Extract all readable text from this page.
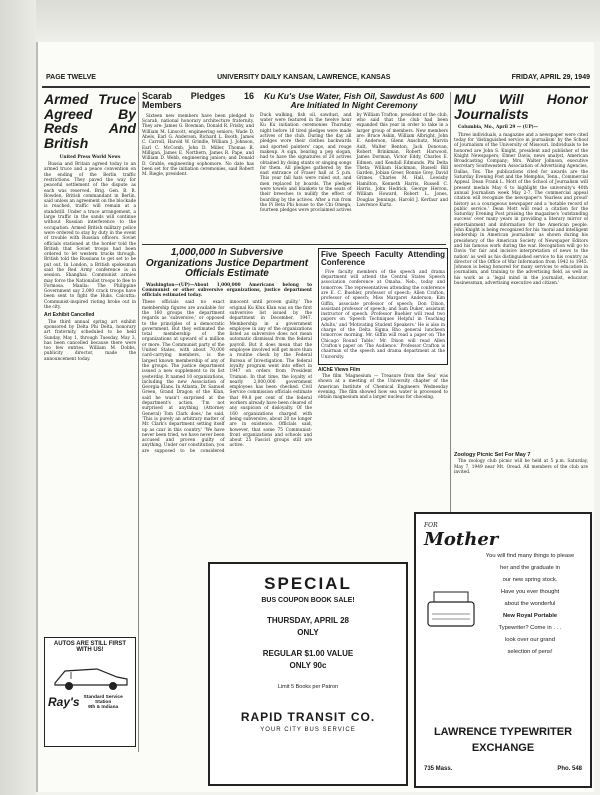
PAGE TWELVE	UNIVERSITY DAILY KANSAN, LAWRENCE, KANSAS	FRIDAY, APRIL 29, 1949
Armed Truce Agreed By Reds And British
United Press World News

Russia and Britain agreed today to an armed truce and a peace convention on the ending of the Berlin traffic restrictions. They paved the way for peaceful settlement of the dispute as each was reserved. Brig. Gen. B. R. Bowden, British commandant in Berlin, said unless an agreement on the blockade is reached, traffic will remain at a standstill. Under a truce arrangement, a large traffic in the sands will continue without Russian interference to the occupation. Armed British military police were ordered to stay by duty in the event of trouble with Russian officers. Soviet officials stationed at the border told the British that Soviet troops had been ordered to let western trucks through. British told the Russians to get set to be put out. In London, a British spokesman said the Red Army conference is in session. Shanghai: Communist armies may force the Nationalist troops to flee to Formosa. Manila: The Philippine Government say 2,000 crack troops have been sent to fight the Huks. Calcutta: Communist-inspired rioting broke out in the city.

Art Exhibit Cancelled

The third annual spring art exhibit sponsored by Delta Phi Delta, honorary art fraternity, scheduled to be held Sunday, May 1, through Tuesday, May 3, has been cancelled because there were too few entries. William M. Dobbs, publicity director, made the announcement today.

AUTOS ARE STILL FIRST
WITH US!
Ray's Standard Service
Station
9th & Indiana
Scarab Pledges 16 Members

Sixteen new members have been pledged to Scarab, national honorary architecture fraternity. They are: James G. Bowman, Donald R. Frisby, and William M. Linscott, engineering seniors; Wade D. Abels, Earl G. Anderson, Richard L. Booth, James C. Carroll, Harold W. Grindle, William J. Johnson, Earl C. McComb, John D. Miller, Thomas R. Milligan, James E. Northern, James R. Pape, and William D. Webb, engineering juniors; and Donald D. Grable, engineering sophomore. No date has been set for the initiation ceremonies, said Robert M. Riegle, president.

Ku Ku's Use Water, Fish Oil, Sawdust As 600 Are Initiated In Night Ceremony
Duck walking, fish oil, sawdust, and water were featured in the twelve hour Ku Ku initiation ceremonies Thursday night before 16 tired pledges were made actives of the club. During the day all pledges wore their clothes backwards and sported painters' caps, and rouge makeup. A sign, bearing a pep slogan, had to have the signatures of 20 actives obtained by doing stunts or singing songs for them. All pledges gathered by the east entrance of Fraser hall at 5 p.m. This year fall hats were ruled out, and men replaced by boards. The pledges were towels and blankets to the seats of their breeches to nullify the effect of boarding by the actives. After a run from the Pi Beta Phi house to the Chi Omega, fourteen pledges were proclaimed actives by William Trafton, president of the club, who said that the club had been expanded this year in order to take in a larger group of members. New members are: Bruce Askin, William Albright, John E. Anderson, Glenn Anschutz, Marvin Ault, Walter Benton, Jack Donovan, Robert Brinkman, Robert Harwood, James Dorman, Victor Eddy, Charles E. Edmen, and Kendall Edmunds. Phi Delta Theta; William Hackman, Russell Bill Garden, Jobian Greer, Bonnie Grey, David Grimes. Charles M. Hall, Lewisby Hamilton, Kenneth Harris, Russell C. Harris, John Hedrick, George Herron, William Howard, Robert L. Jones, Douglas Jennings, Harold J. Kerfaur and Lawrence Kurtz.
1,000,000 In Subversive Organizations Justice Department Officials Estimate

Washington—(UP)—About 1,000,000 Americans belong to Communist or other subversive organizations, justice department officials estimated today.

These officials said no exact membership figures are available for the 160 groups the department regards as 'subversive,' or opposed to the principles of a democratic government. But they estimated the total membership of the organizations at upward of a million or more. The Communist party of the United States, with about 70,000 card-carrying members, is the largest known membership of any of the groups. The justice department issued a new supplement to its list yesterday. It named 10 organizations, including the new Association of Georgia Klans. In Atlanta, Dr. Samuel Green, Grand Dragon of the Klan, said he wasn't surprised at the department's action. 'I'm not surprised at anything (Attorney General) Tom Clark does,' he said. 'This is purely an arbitrary matter of Mr. Clark's department setting itself up as czar in this country.' 'We have never been tried, we have never been accused and proven guilty of anything. Under our constitution, you are supposed to be considered innocent until proven guilty.' The original Ku Klux Klan was on the first subversive list issued by the department in December, 1947. Membership in a government employee in any of the organizations listed as subversive does not mean automatic dismissal from the federal payroll. But it does mean that the employee involved will get more than a routine check by the Federal Bureau of Investigation. The federal loyalty program went into effect in 1947 on orders from President Truman. In that time, the loyalty of nearly 2,000,000 government employees has been checked. Civil Service commission officials estimate that 99.8 per cent of the federal workers already have been cleared of any suspicion of disloyalty. Of the 160 organizations charged with being subversive, about 20 no longer are in existence. Officials said, however, that some 75 Communist-front organizations and schools and about 25 Fascist groups still are active.
Five Speech Faculty Attending Conference

Five faculty members of the speech and drama department will attend the Central States Speech association conference at Omaha, Neb., today and tomorrow. The representatives attending the conference are E. C. Buehler, professor of speech; Allen Crafton, professor of speech; Miss Margaret Anderson; Kim Giffin, associate professor of speech; Don Dixon, assistant professor of speech; and Sam Duker, assistant instructor of speech. Professor Buehler will read two papers on 'Speech Techniques Helpful in Teaching Adults,' and 'Motivating Student Speakers.' He is also in charge of the Delta Sigma Rho general luncheon tomorrow morning. Mr. Giffin will read a paper on 'The Chicago Round Table.' Mr. Dixon will read Allen Crafton's paper on 'The Audience.' Professor Crafton is chairman of the speech and drama department at the University.

AIChE Views Film

The film 'Magnesium — Treasure from the Sea' was shown at a meeting of the University chapter of the American Institute of Chemical Engineers Wednesday evening. The film showed how sea water is processed to obtain magnesium and a larger nucleus for choosing.

SPECIAL
BUS COUPON BOOK SALE!
THURSDAY, APRIL 28
ONLY
REGULAR $1.00 VALUE
ONLY 90c
Limit 5 Books per Patron
RAPID TRANSIT CO.
YOUR CITY BUS SERVICE
MU Will Honor Journalists

Columbia, Mo., April 29 — (UP)—

Three individuals, a magazine and a newspaper were cited today for 'distinguished service in journalism' by the School of Journalism of the University of Missouri. Individuals to be honored are John S. Knight, president and publisher of the Knight Newspapers; Elmer Davis, news analyst, American Broadcasting Company; Mrs. Walter Johnson, executive secretary Southwestern Association of Advertising Agencies, Dallas, Tex. The publications cited for awards are the Saturday Evening Post and the Memphis, Tenn., Commercial Appeal. Dean Frank L. Mott of the School of Journalism will present medals May 6 to highlight the university's 40th annual Journalism week May 2-7. The commercial appeal citation will recognize the newspaper's 'fearless and proud' history as a courageous newspaper and a 'notable record of public service.' Dean Mott will read a citation for the Saturday Evening Post praising the magazine's 'outstanding success' over many years in providing a literary mirror of entertainment and information for the American people. John Knight is being recognized for his 'moral and intelligent leadership in American journalism' as shown during his presidency of the American Society of Newspaper Editors and his famous work during the war. Recognition will go to Davis 'for fair and incisive interpretation of news to the nation' as well as his distinguished service to his country as director of the Office of War Information from 1942 to 1945. Johnson is being honored for many services to education in journalism, and training to the advertising field, as well as his work as a 'legal mind in the journalist, educator, businessman, advertising executive and citizen.'

Zoology Picnic Set For May 7

The zoology club picnic will be held at 5 p.m. Saturday, May 7, 1949 near Mt. Oread. All members of the club are invited.

FOR
Mother
You will find many things to please
her and the graduate in
our new spring stock.
Have you ever thought
about the wonderful
New Royal Portable
Typewriter? Come in . . .
look over our grand
selection of pens!
LAWRENCE TYPEWRITER
EXCHANGE
735 Mass.	Pho. 548
